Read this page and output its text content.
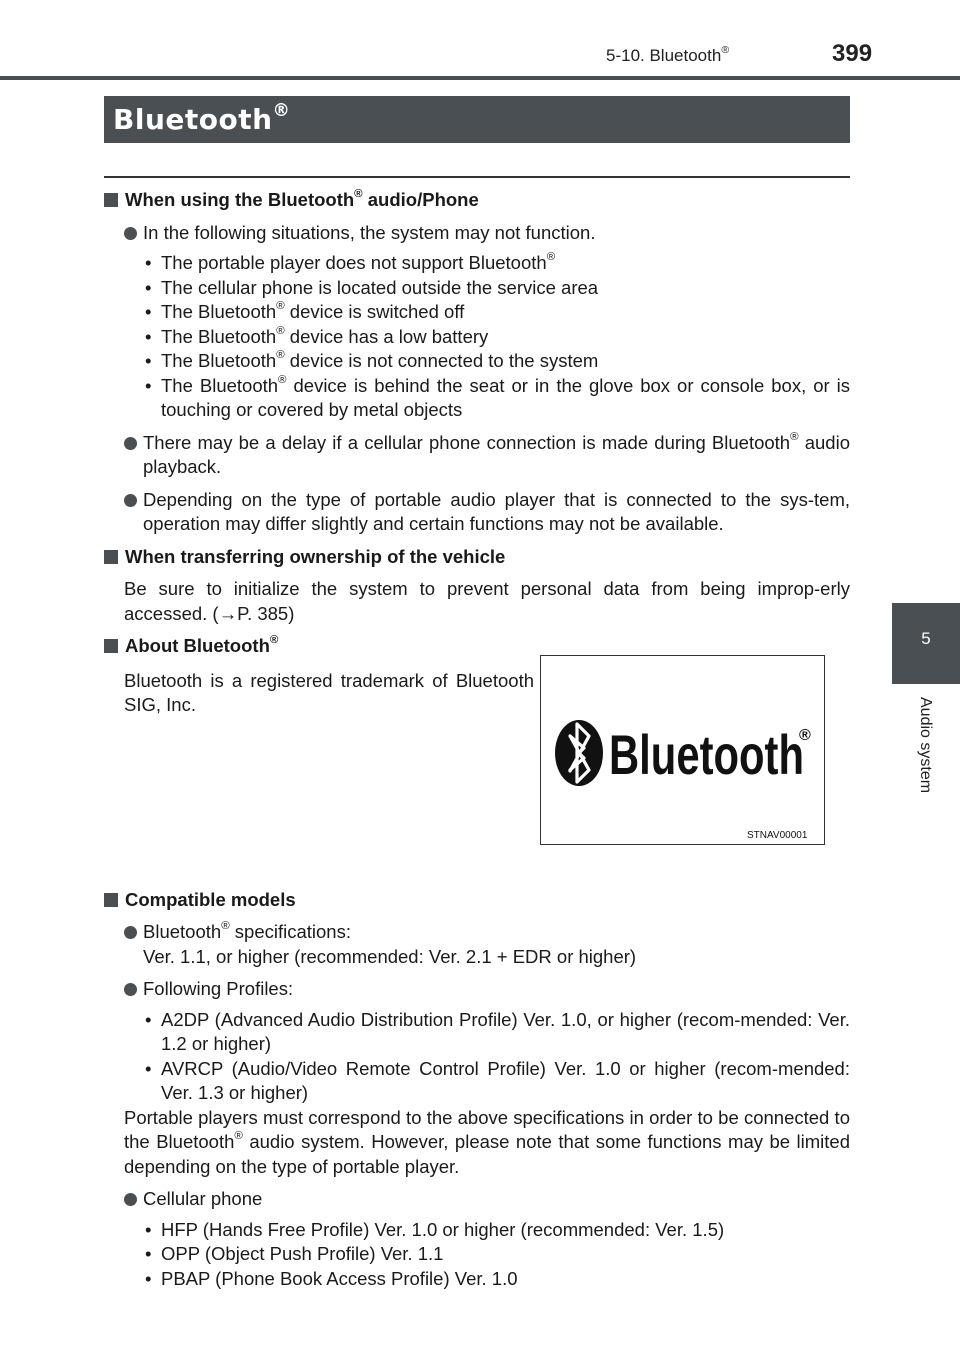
5-10. Bluetooth®	399
5
Audio system
Bluetooth®
When using the Bluetooth® audio/Phone
In the following situations, the system may not function.
• The portable player does not support Bluetooth®
• The cellular phone is located outside the service area
• The Bluetooth® device is switched off
• The Bluetooth® device has a low battery
• The Bluetooth® device is not connected to the system
• The Bluetooth® device is behind the seat or in the glove box or console box, or is touching or covered by metal objects
There may be a delay if a cellular phone connection is made during Bluetooth® audio playback.
Depending on the type of portable audio player that is connected to the sys-tem, operation may differ slightly and certain functions may not be available.
When transferring ownership of the vehicle
Be sure to initialize the system to prevent personal data from being improp-erly accessed. (→P. 385)
About Bluetooth®
Bluetooth is a registered trademark of Bluetooth SIG, Inc.
Compatible models
Bluetooth® specifications:
Ver. 1.1, or higher (recommended: Ver. 2.1 + EDR or higher)
Following Profiles:
• A2DP (Advanced Audio Distribution Profile) Ver. 1.0, or higher (recom-mended: Ver. 1.2 or higher)
• AVRCP (Audio/Video Remote Control Profile) Ver. 1.0 or higher (recom-mended: Ver. 1.3 or higher)
Portable players must correspond to the above specifications in order to be connected to the Bluetooth® audio system. However, please note that some functions may be limited depending on the type of portable player.
Cellular phone
• HFP (Hands Free Profile) Ver. 1.0 or higher (recommended: Ver. 1.5)
• OPP (Object Push Profile) Ver. 1.1
• PBAP (Phone Book Access Profile) Ver. 1.0
Bluetooth
®
STNAV00001
